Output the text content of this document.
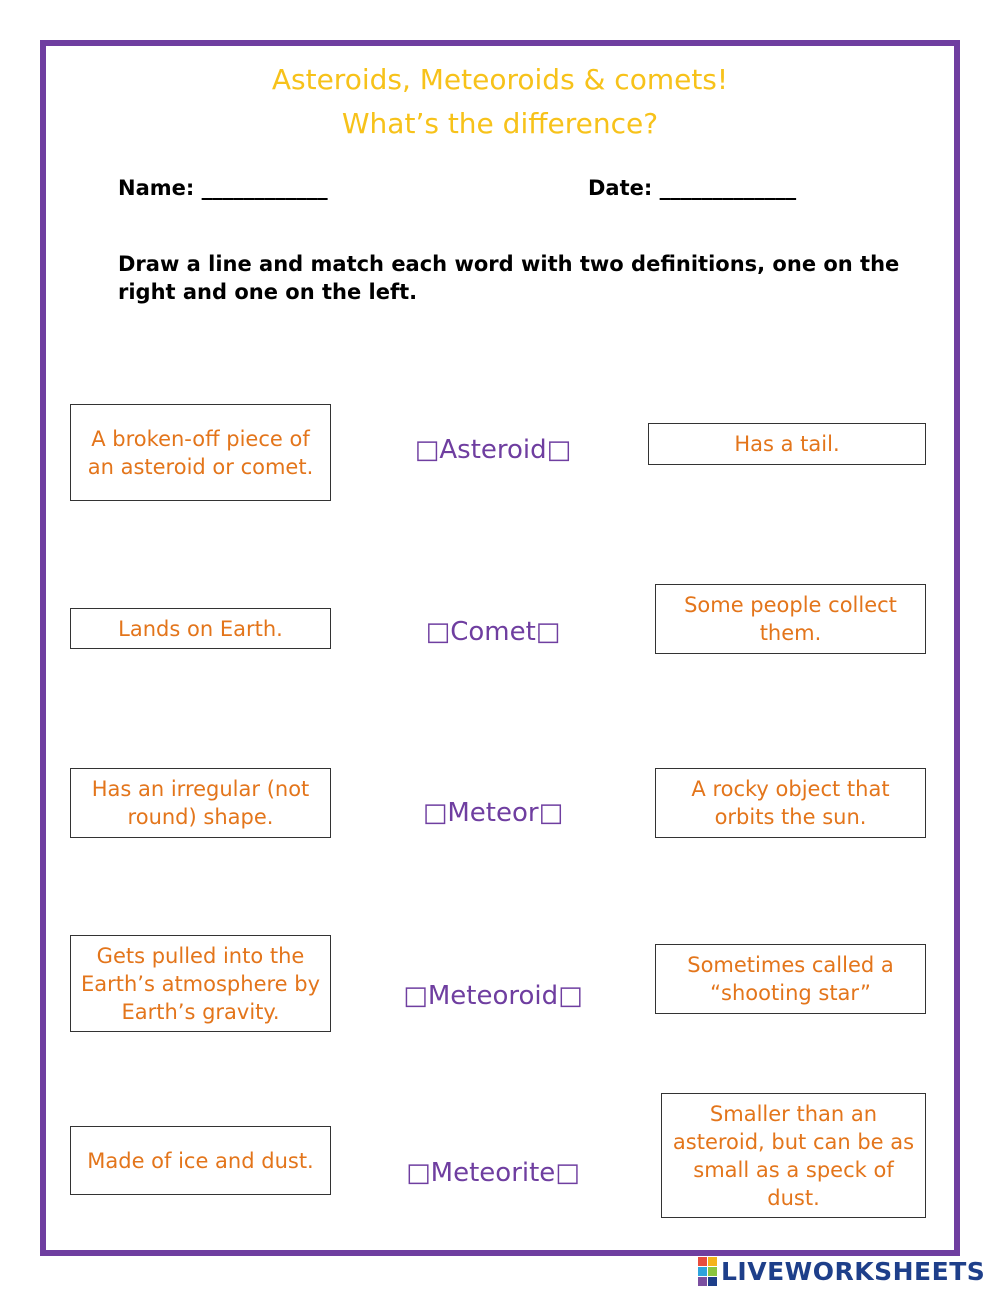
Asteroids, Meteoroids & comets!
What’s the difference?
Name: ____________	Date: _____________
Draw a line and match each word with two definitions, one on the right and one on the left.
A broken-off piece of an asteroid or comet.
Lands on Earth.
Has an irregular (not round) shape.
Gets pulled into the Earth’s atmosphere by Earth’s gravity.
Made of ice and dust.
□Asteroid□
□Comet□
□Meteor□
□Meteoroid□
□Meteorite□
Has a tail.
Some people collect them.
A rocky object that orbits the sun.
Sometimes called a “shooting star”
Smaller than an asteroid, but can be as small as a speck of dust.
LIVEWORKSHEETS
